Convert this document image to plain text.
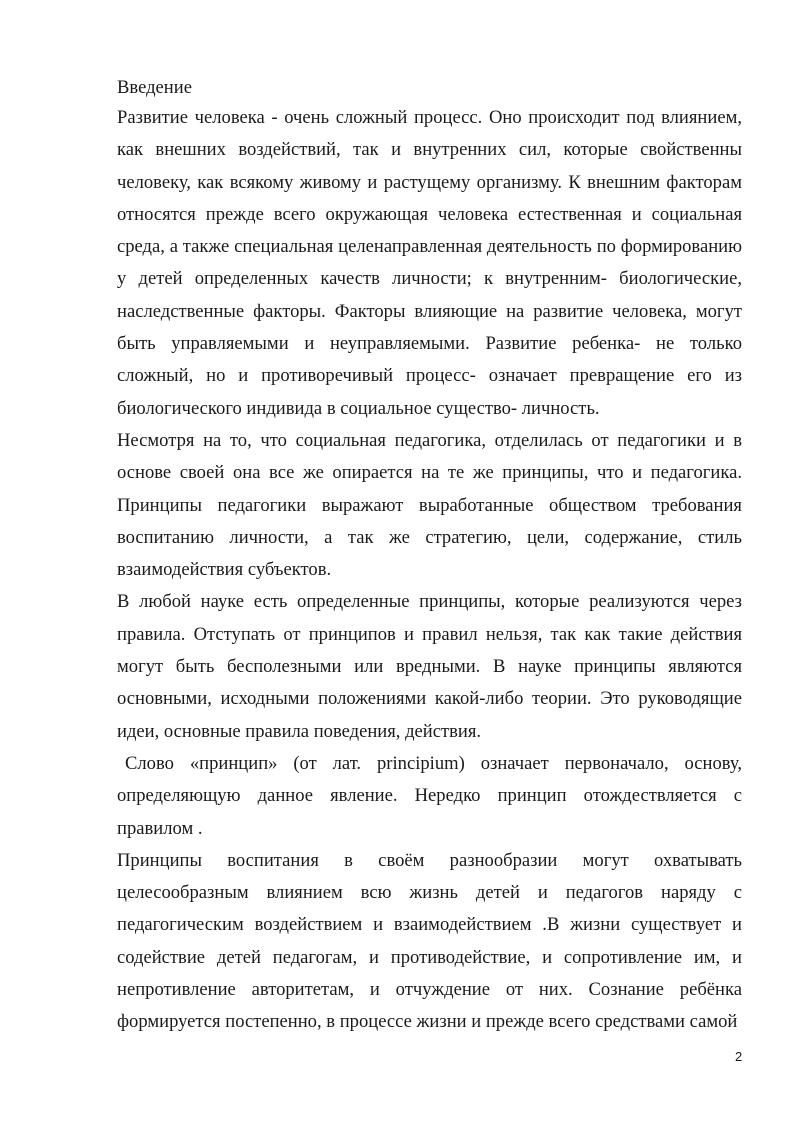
Введение

Развитие человека - очень сложный процесс. Оно происходит под влиянием, как внешних воздействий, так и внутренних сил, которые свойственны человеку, как всякому живому и растущему организму. К внешним факторам относятся прежде всего окружающая человека естественная и социальная среда, а также специальная целенаправленная деятельность по формированию у детей определенных качеств личности; к внутренним- биологические, наследственные факторы. Факторы влияющие на развитие человека, могут быть управляемыми и неуправляемыми. Развитие ребенка- не только сложный, но и противоречивый процесс- означает превращение его из биологического индивида в социальное существо- личность.

Несмотря на то, что социальная педагогика, отделилась от педагогики и в основе своей она все же опирается на те же принципы, что и педагогика. Принципы педагогики выражают выработанные обществом требования воспитанию личности, а так же стратегию, цели, содержание, стиль взаимодействия субъектов.

В любой науке есть определенные принципы, которые реализуются через правила. Отступать от принципов и правил нельзя, так как такие действия могут быть бесполезными или вредными. В науке принципы являются основными, исходными положениями какой-либо теории. Это руководящие идеи, основные правила поведения, действия.

Слово «принцип» (от лат. principium) означает первоначало, основу, определяющую данное явление. Нередко принцип отождествляется с правилом .

Принципы воспитания в своём разнообразии могут охватывать целесообразным влиянием всю жизнь детей и педагогов наряду с педагогическим воздействием и взаимодействием .В жизни существует и содействие детей педагогам, и противодействие, и сопротивление им, и непротивление авторитетам, и отчуждение от них. Сознание ребёнка формируется постепенно, в процессе жизни и прежде всего средствами самой

2
